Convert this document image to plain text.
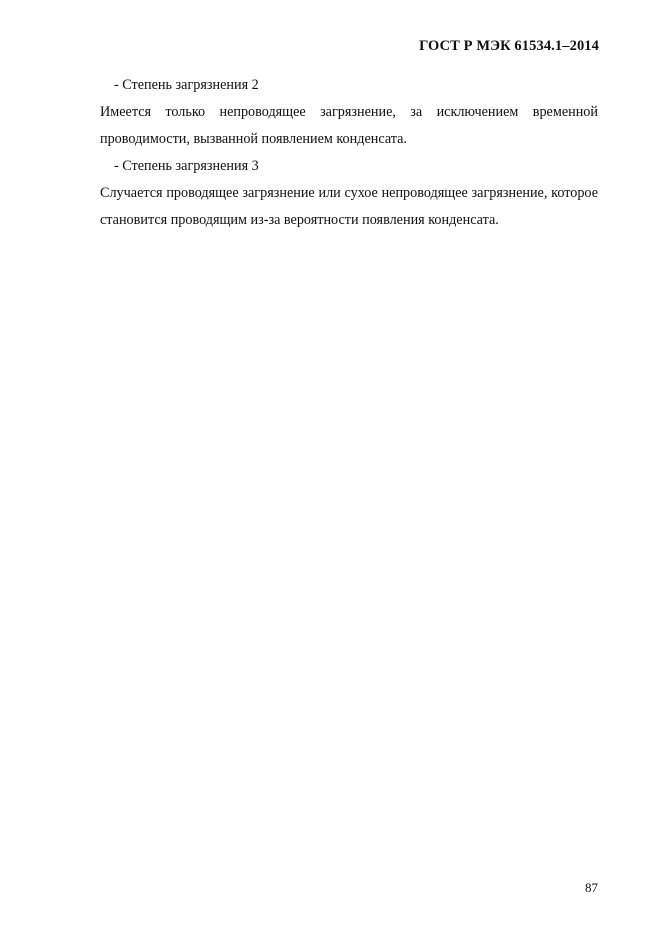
ГОСТ Р МЭК 61534.1–2014

- Степень загрязнения 2

Имеется только непроводящее загрязнение, за исключением временной проводимости, вызванной появлением конденсата.

- Степень загрязнения 3

Случается проводящее загрязнение или сухое непроводящее загрязнение, которое становится проводящим из-за вероятности появления конденсата.

87
